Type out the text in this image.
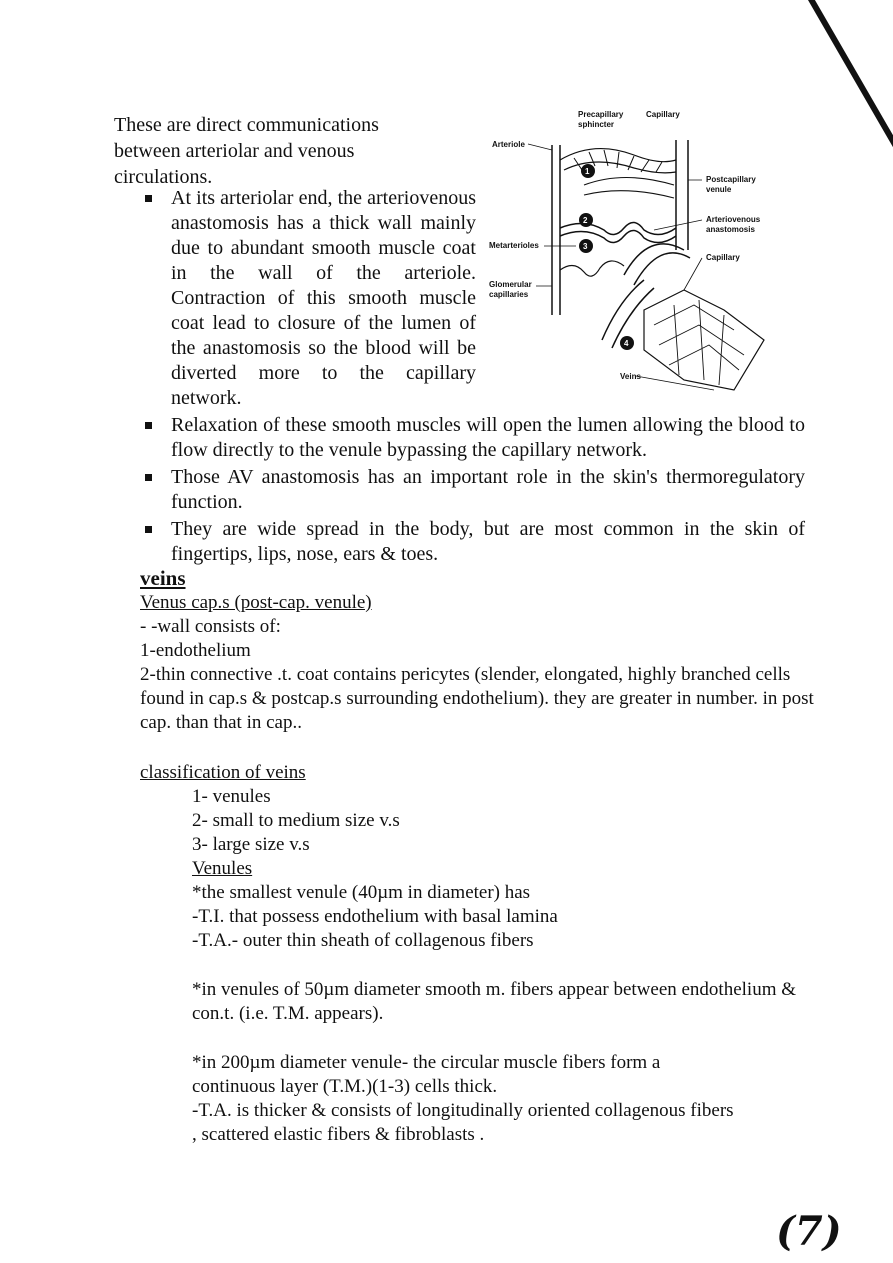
These are direct communications between arteriolar and venous circulations.	1
2
3
4
Precapillary
sphincter
Capillary
Arteriole
Postcapillary
venule
Arteriovenous
anastomosis
Metarterioles
Capillary
Glomerular
capillaries
Veins
At its arteriolar end, the arteriovenous anastomosis has a thick wall mainly due to abundant smooth muscle coat in the wall of the arteriole. Contraction of this smooth muscle coat lead to closure of the lumen of the anastomosis so the blood will be diverted more to the capillary network.
Relaxation of these smooth muscles will open the lumen allowing the blood to flow directly to the venule bypassing the capillary network.
Those AV anastomosis has an important role in the skin's thermoregulatory function.
They are wide spread in the body, but are most common in the skin of fingertips, lips, nose, ears & toes.
veins
Venus cap.s (post-cap. venule)
- -wall consists of:
1-endothelium
2-thin connective .t. coat contains pericytes (slender, elongated, highly branched cells found in cap.s & postcap.s surrounding endothelium). they are greater in number. in post cap. than that in cap..
classification of veins
1- venules
2- small to medium size v.s
3- large size v.s
Venules
*the smallest venule (40µm in diameter) has
-T.I. that possess endothelium with basal lamina
-T.A.- outer thin sheath of collagenous fibers
*in venules of 50µm diameter smooth m. fibers appear between endothelium & con.t. (i.e. T.M. appears).
*in 200µm diameter venule- the circular muscle fibers form a
continuous layer (T.M.)(1-3) cells thick.
-T.A. is thicker & consists of longitudinally oriented collagenous fibers
, scattered elastic fibers & fibroblasts .
(7)
